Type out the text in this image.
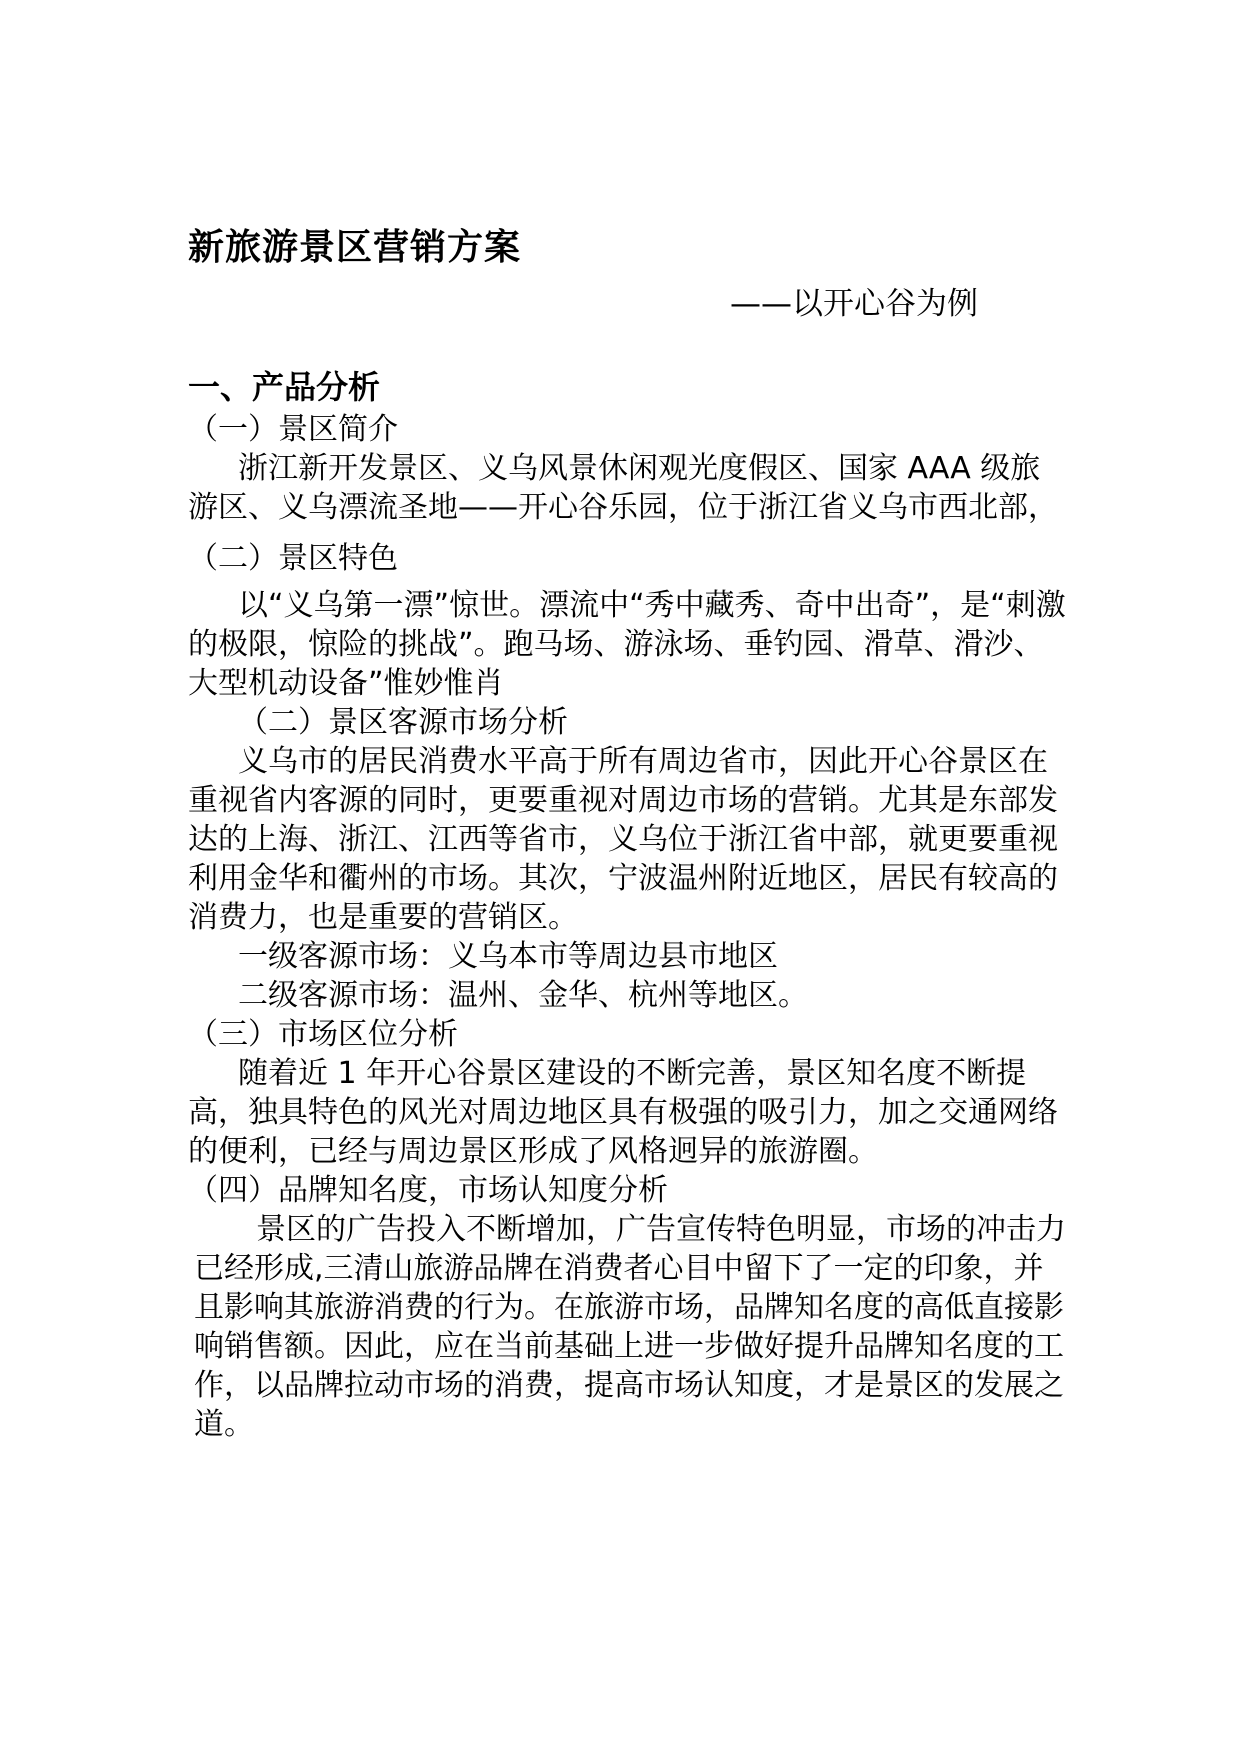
新旅游景区营销方案
——以开心谷为例
一、产品分析

（一）景区简介

浙江新开发景区、义乌风景休闲观光度假区、国家 AAA 级旅游区、义乌漂流圣地——开心谷乐园，位于浙江省义乌市西北部，

（二）景区特色

以“义乌第一漂”惊世。漂流中“秀中藏秀、奇中出奇”，是“刺激的极限，惊险的挑战”。跑马场、游泳场、垂钓园、滑草、滑沙、大型机动设备”惟妙惟肖

（二）景区客源市场分析

义乌市的居民消费水平高于所有周边省市，因此开心谷景区在重视省内客源的同时，更要重视对周边市场的营销。尤其是东部发达的上海、浙江、江西等省市，义乌位于浙江省中部，就更要重视利用金华和衢州的市场。其次，宁波温州附近地区，居民有较高的消费力，也是重要的营销区。

一级客源市场：义乌本市等周边县市地区

二级客源市场：温州、金华、杭州等地区。

（三）市场区位分析

随着近 1 年开心谷景区建设的不断完善，景区知名度不断提高，独具特色的风光对周边地区具有极强的吸引力，加之交通网络的便利，已经与周边景区形成了风格迥异的旅游圈。

（四）品牌知名度，市场认知度分析

景区的广告投入不断增加，广告宣传特色明显，市场的冲击力已经形成,三清山旅游品牌在消费者心目中留下了一定的印象，并且影响其旅游消费的行为。在旅游市场，品牌知名度的高低直接影响销售额。因此，应在当前基础上进一步做好提升品牌知名度的工作，以品牌拉动市场的消费，提高市场认知度，才是景区的发展之道。
